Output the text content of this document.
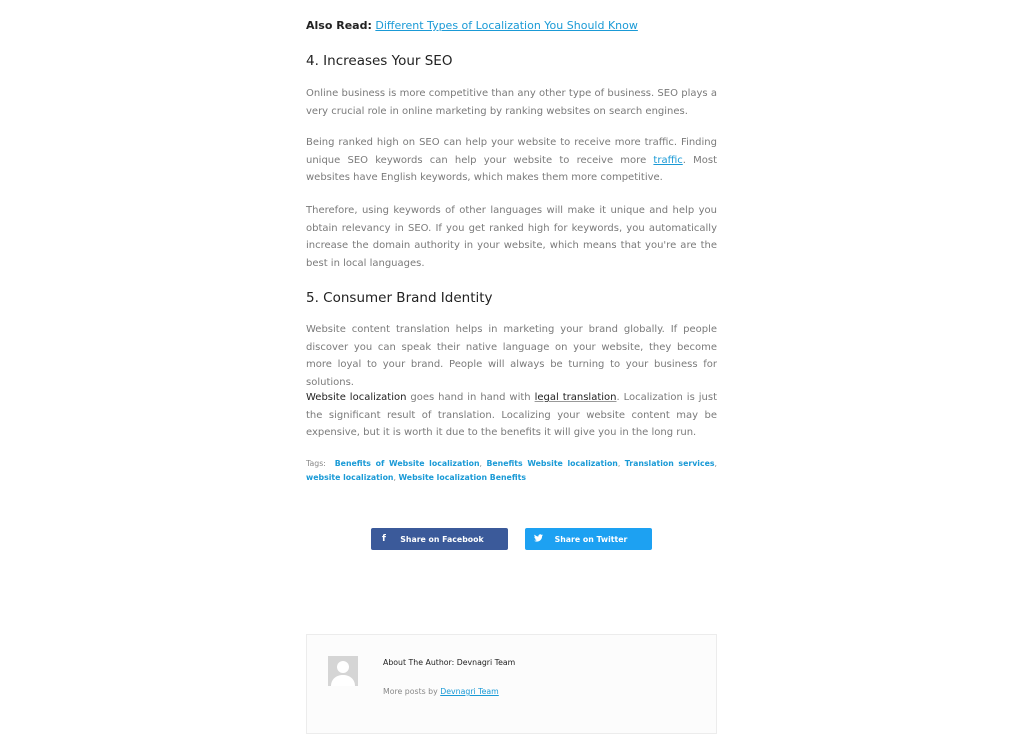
Also Read: Different Types of Localization You Should Know
4. Increases Your SEO

Online business is more competitive than any other type of business. SEO plays a very crucial role in online marketing by ranking websites on search engines.

Being ranked high on SEO can help your website to receive more traffic. Finding unique SEO keywords can help your website to receive more traffic. Most websites have English keywords, which makes them more competitive.

Therefore, using keywords of other languages will make it unique and help you obtain relevancy in SEO. If you get ranked high for keywords, you automatically increase the domain authority in your website, which means that you're are the best in local languages.

5. Consumer Brand Identity

Website content translation helps in marketing your brand globally. If people discover you can speak their native language on your website, they become more loyal to your brand. People will always be turning to your business for solutions.

Website localization goes hand in hand with legal translation. Localization is just the significant result of translation. Localizing your website content may be expensive, but it is worth it due to the benefits it will give you in the long run.

Tags: Benefits of Website localization, Benefits Website localization, Translation services, website localization, Website localization Benefits
f	Share on Facebook	Share on Twitter
About The Author: Devnagri Team
More posts by Devnagri Team
